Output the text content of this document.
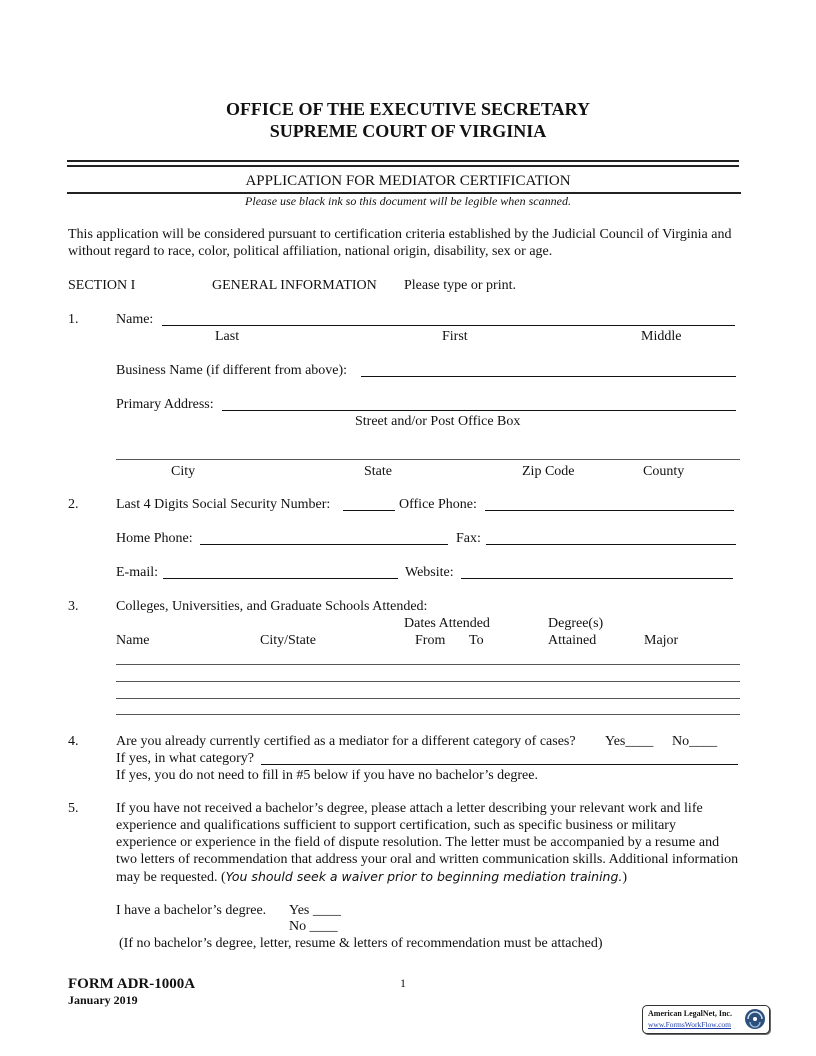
OFFICE OF THE EXECUTIVE SECRETARY
SUPREME COURT OF VIRGINIA
APPLICATION FOR MEDIATOR CERTIFICATION
Please use black ink so this document will be legible when scanned.
This application will be considered pursuant to certification criteria established by the Judicial Council of Virginia and without regard to race, color, political affiliation, national origin, disability, sex or age.
SECTION I	GENERAL INFORMATION Please type or print.
1.	Name:
Last	First	Middle
Business Name (if different from above):
Primary Address:
Street and/or Post Office Box
City	State	Zip Code	County
2.	Last 4 Digits Social Security Number:	Office Phone:
Home Phone:	Fax:
E-mail:	Website:
3.	Colleges, Universities, and Graduate Schools Attended:
Dates Attended	Degree(s)
Name	City/State	From To	Attained	Major
4.	Are you already currently certified as a mediator for a different category of cases? Yes____ No____
If yes, in what category?
If yes, you do not need to fill in #5 below if you have no bachelor’s degree.
5.	If you have not received a bachelor’s degree, please attach a letter describing your relevant work and life experience and qualifications sufficient to support certification, such as specific business or military experience or experience in the field of dispute resolution. The letter must be accompanied by a resume and two letters of recommendation that address your oral and written communication skills. Additional information may be requested. (You should seek a waiver prior to beginning mediation training.)
I have a bachelor’s degree. Yes ____
No ____
(If no bachelor’s degree, letter, resume & letters of recommendation must be attached)
FORM ADR-1000A
January 2019
1
American LegalNet, Inc.
www.FormsWorkFlow.com
